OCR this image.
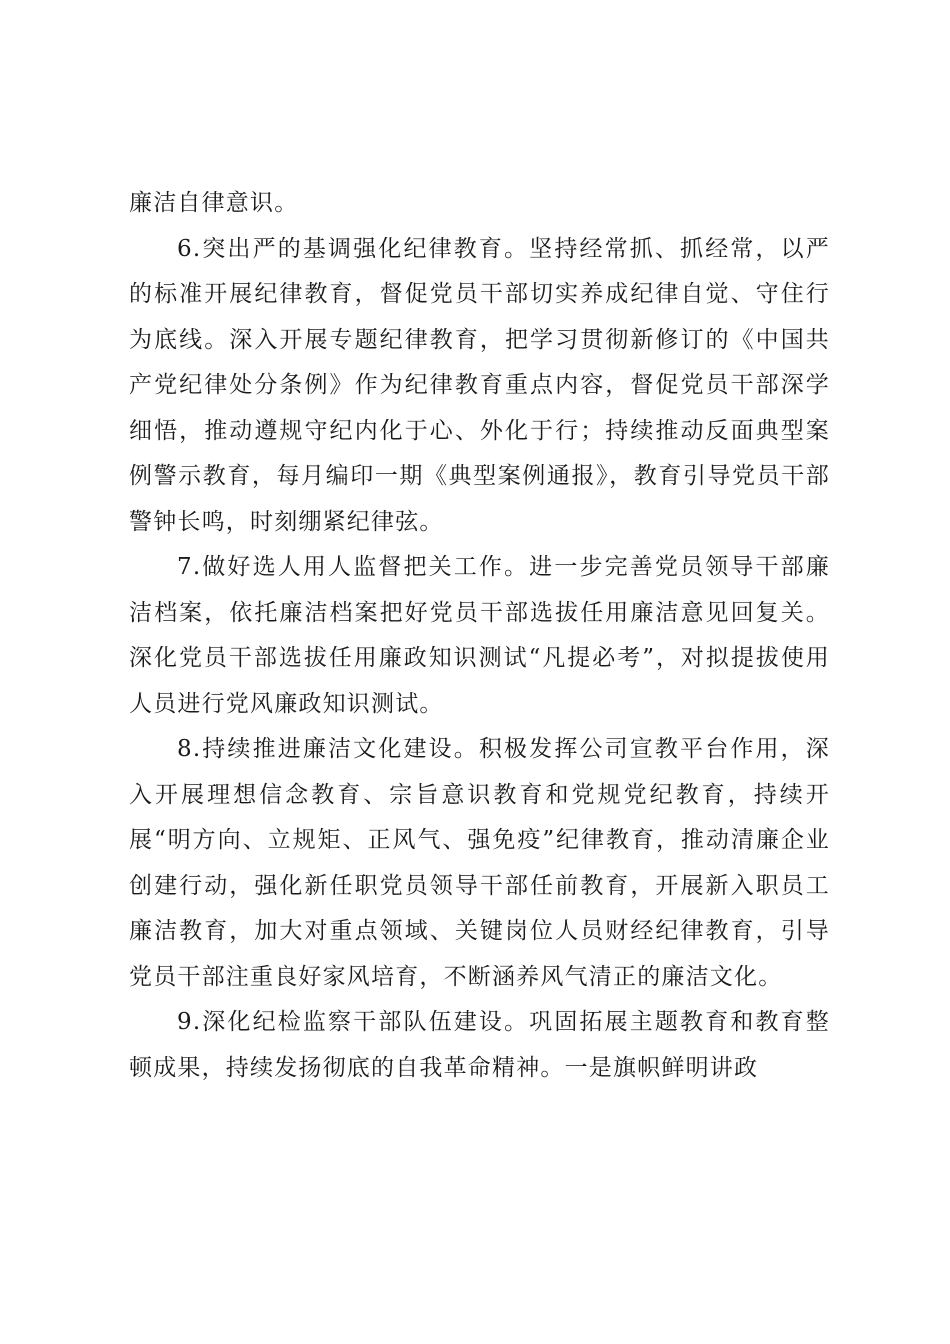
廉洁自律意识。

6.突出严的基调强化纪律教育。坚持经常抓、抓经常，以严的标准开展纪律教育，督促党员干部切实养成纪律自觉、守住行为底线。深入开展专题纪律教育，把学习贯彻新修订的《中国共产党纪律处分条例》作为纪律教育重点内容，督促党员干部深学细悟，推动遵规守纪内化于心、外化于行；持续推动反面典型案例警示教育，每月编印一期《典型案例通报》，教育引导党员干部警钟长鸣，时刻绷紧纪律弦。

7.做好选人用人监督把关工作。进一步完善党员领导干部廉洁档案，依托廉洁档案把好党员干部选拔任用廉洁意见回复关。深化党员干部选拔任用廉政知识测试“凡提必考”，对拟提拔使用人员进行党风廉政知识测试。

8.持续推进廉洁文化建设。积极发挥公司宣教平台作用，深入开展理想信念教育、宗旨意识教育和党规党纪教育，持续开展“明方向、立规矩、正风气、强免疫”纪律教育，推动清廉企业创建行动，强化新任职党员领导干部任前教育，开展新入职员工廉洁教育，加大对重点领域、关键岗位人员财经纪律教育，引导党员干部注重良好家风培育，不断涵养风气清正的廉洁文化。

9.深化纪检监察干部队伍建设。巩固拓展主题教育和教育整顿成果，持续发扬彻底的自我革命精神。一是旗帜鲜明讲政
